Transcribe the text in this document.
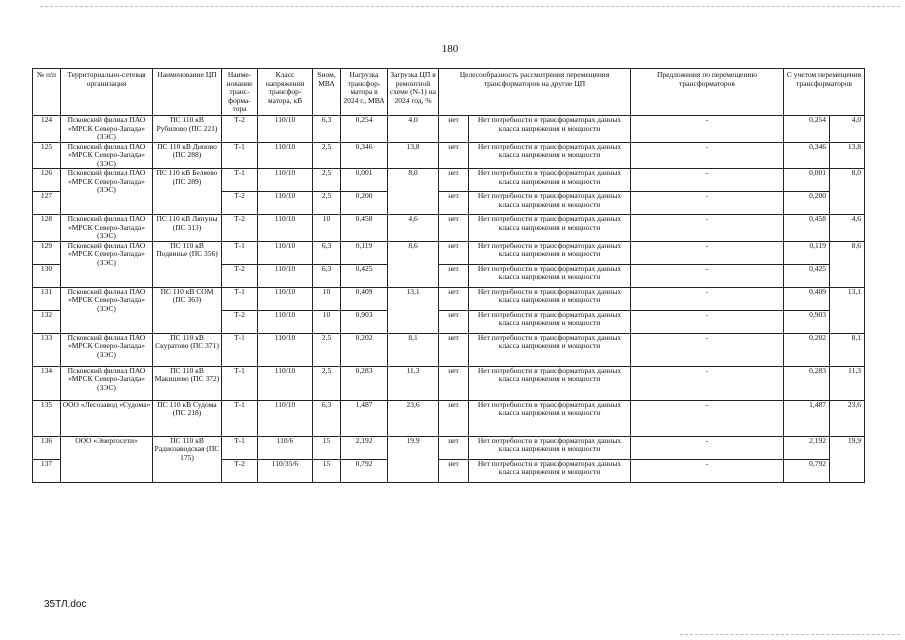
180
№ п/п	Территориально-сетевая организация	Наименование ЦП	Наиме-нование транс-форма-тора	Класс напряжения трансфор-матора, кВ	Sном, МВА	Нагрузка трансфор-матора в 2024 г., МВА	Загрузка ЦП в ремонтной схеме (N-1) на 2024 год, %	Целесообразность рассмотрения перемещения трансформаторов на другие ЦП		Предложения по перемещению трансформаторов	С учетом перемещения трансформаторов	
124	Псковский филиал ПАО «МРСК Северо-Запада» (ЗЭС)	ПС 110 кВ Рубилово (ПС 221)	Т-2	110/10	6,3	0,254	4,0	нет	Нет потребности в трансформаторах данных класса напряжения и мощности	-	0,254	4,0
125	Псковский филиал ПАО «МРСК Северо-Запада» (ЗЭС)	ПС 110 кВ Диново (ПС 288)	Т-1	110/10	2,5	0,346	13,8	нет	Нет потребности в трансформаторах данных класса напряжения и мощности	-	0,346	13,8
126	Псковский филиал ПАО «МРСК Северо-Запада» (ЗЭС)	ПС 110 кВ Беляево (ПС 289)	Т-1	110/10	2,5	0,001	8,0	нет	Нет потребности в трансформаторах данных класса напряжения и мощности	-	0,001	8,0
127			Т-2	110/10	2,5	0,200		нет	Нет потребности в трансформаторах данных класса напряжения и мощности	-	0,200	
128	Псковский филиал ПАО «МРСК Северо-Запада» (ЗЭС)	ПС 110 кВ Ляпуны (ПС 313)	Т-2	110/10	10	0,458	4,6	нет	Нет потребности в трансформаторах данных класса напряжения и мощности	-	0,458	4,6
129	Псковский филиал ПАО «МРСК Северо-Запада» (ЗЭС)	ПС 110 кВ Подвинье (ПС 356)	Т-1	110/10	6,3	0,119	8,6	нет	Нет потребности в трансформаторах данных класса напряжения и мощности	-	0,119	8,6
130			Т-2	110/10	6,3	0,425		нет	Нет потребности в трансформаторах данных класса напряжения и мощности	-	0,425	
131	Псковский филиал ПАО «МРСК Северо-Запада» (ЗЭС)	ПС 110 кВ СОМ (ПС 363)	Т-1	110/10	10	0,409	13,1	нет	Нет потребности в трансформаторах данных класса напряжения и мощности	-	0,409	13,1
132			Т-2	110/10	10	0,903		нет	Нет потребности в трансформаторах данных класса напряжения и мощности	-	0,903	
133	Псковский филиал ПАО «МРСК Северо-Запада» (ЗЭС)	ПС 110 кВ Скуратово (ПС 371)	Т-1	110/10	2,5	0,202	8,1	нет	Нет потребности в трансформаторах данных класса напряжения и мощности	-	0,202	8,1
134	Псковский филиал ПАО «МРСК Северо-Запада» (ЗЭС)	ПС 110 кВ Макишево (ПС 372)	Т-1	110/10	2,5	0,283	11,3	нет	Нет потребности в трансформаторах данных класса напряжения и мощности	-	0,283	11,3
135	ООО «Лесозавод «Судома»	ПС 110 кВ Судома (ПС 218)	Т-1	110/10	6,3	1,487	23,6	нет	Нет потребности в трансформаторах данных класса напряжения и мощности	-	1,487	23,6
136	ООО «Энергосети»	ПС 110 кВ Радиозаводская (ПС 175)	Т-1	110/6	15	2,192	19,9	нет	Нет потребности в трансформаторах данных класса напряжения и мощности	-	2,192	19,9
137			Т-2	110/35/6	15	0,792		нет	Нет потребности в трансформаторах данных класса напряжения и мощности	-	0,792	
35ТЛ.doc
